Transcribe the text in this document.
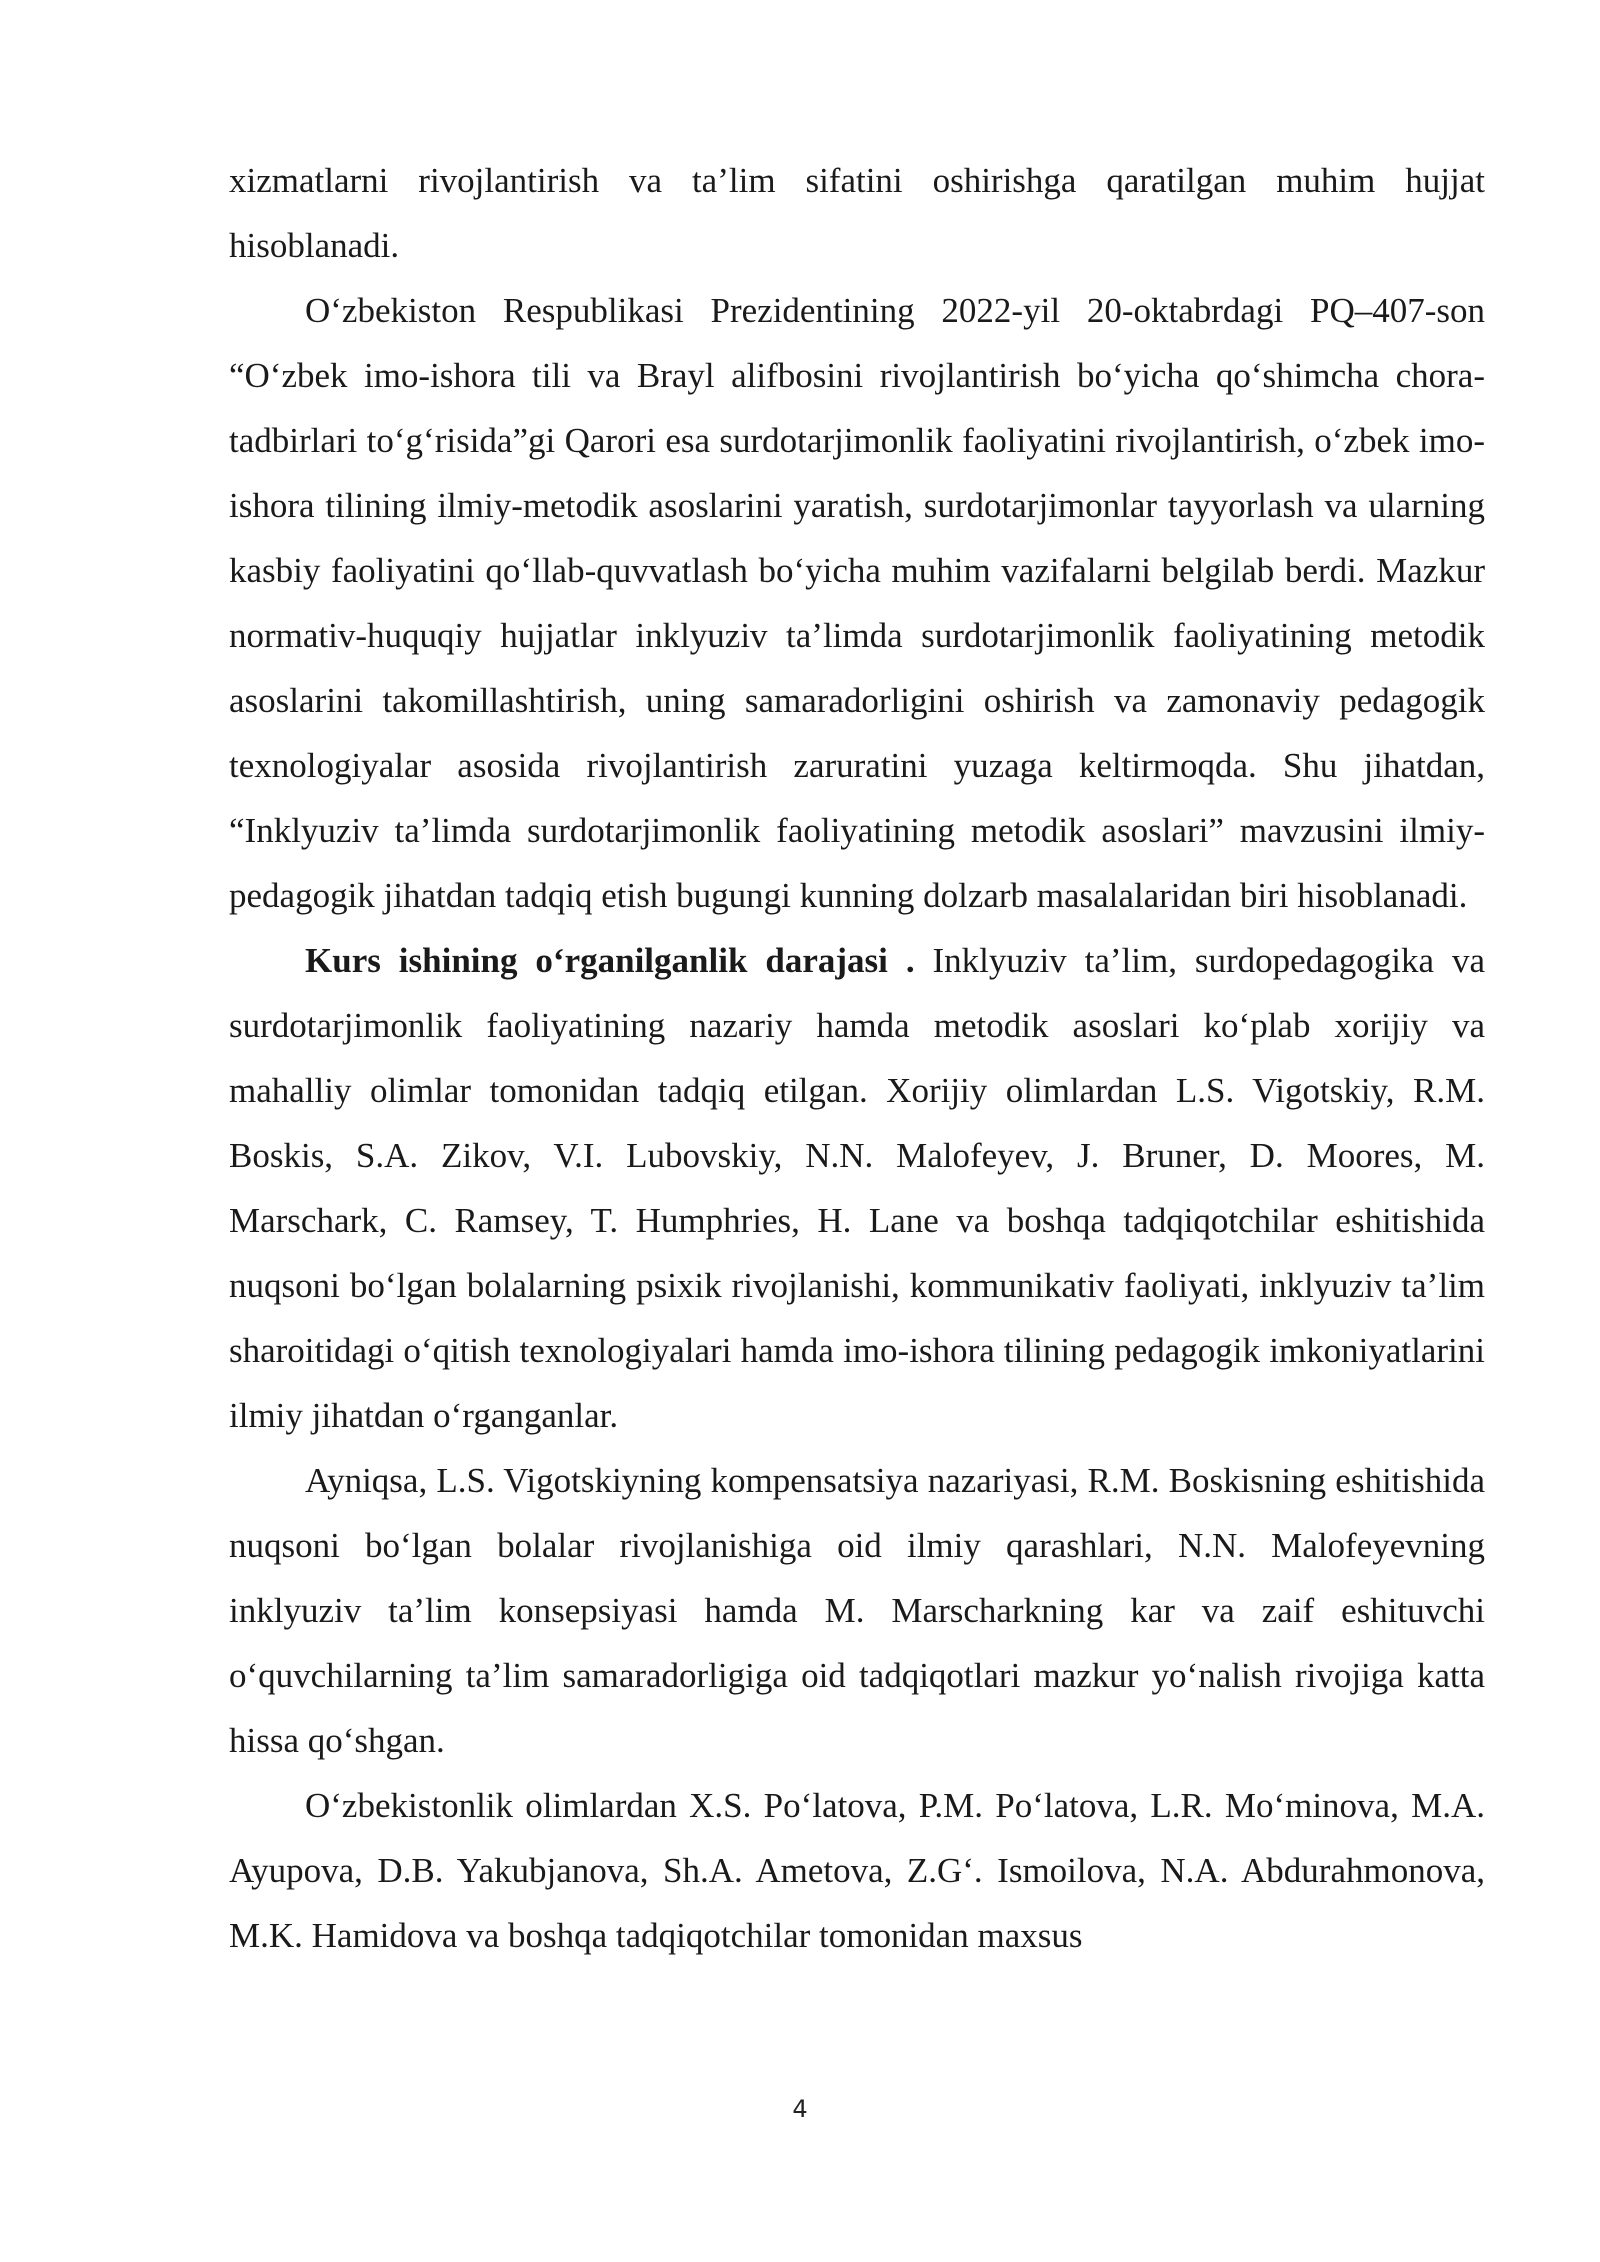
xizmatlarni rivojlantirish va ta’lim sifatini oshirishga qaratilgan muhim hujjat hisoblanadi.

O‘zbekiston Respublikasi Prezidentining 2022-yil 20-oktabrdagi PQ–407-son “O‘zbek imo-ishora tili va Brayl alifbosini rivojlantirish bo‘yicha qo‘shimcha chora-tadbirlari to‘g‘risida”gi Qarori esa surdotarjimonlik faoliyatini rivojlantirish, o‘zbek imo-ishora tilining ilmiy-metodik asoslarini yaratish, surdotarjimonlar tayyorlash va ularning kasbiy faoliyatini qo‘llab-quvvatlash bo‘yicha muhim vazifalarni belgilab berdi. Mazkur normativ-huquqiy hujjatlar inklyuziv ta’limda surdotarjimonlik faoliyatining metodik asoslarini takomillashtirish, uning samaradorligini oshirish va zamonaviy pedagogik texnologiyalar asosida rivojlantirish zaruratini yuzaga keltirmoqda. Shu jihatdan, “Inklyuziv ta’limda surdotarjimonlik faoliyatining metodik asoslari” mavzusini ilmiy-pedagogik jihatdan tadqiq etish bugungi kunning dolzarb masalalaridan biri hisoblanadi.

Kurs ishining o‘rganilganlik darajasi . Inklyuziv ta’lim, surdopedagogika va surdotarjimonlik faoliyatining nazariy hamda metodik asoslari ko‘plab xorijiy va mahalliy olimlar tomonidan tadqiq etilgan. Xorijiy olimlardan L.S. Vigotskiy, R.M. Boskis, S.A. Zikov, V.I. Lubovskiy, N.N. Malofeyev, J. Bruner, D. Moores, M. Marschark, C. Ramsey, T. Humphries, H. Lane va boshqa tadqiqotchilar eshitishida nuqsoni bo‘lgan bolalarning psixik rivojlanishi, kommunikativ faoliyati, inklyuziv ta’lim sharoitidagi o‘qitish texnologiyalari hamda imo-ishora tilining pedagogik imkoniyatlarini ilmiy jihatdan o‘rganganlar.

Ayniqsa, L.S. Vigotskiyning kompensatsiya nazariyasi, R.M. Boskisning eshitishida nuqsoni bo‘lgan bolalar rivojlanishiga oid ilmiy qarashlari, N.N. Malofeyevning inklyuziv ta’lim konsepsiyasi hamda M. Marscharkning kar va zaif eshituvchi o‘quvchilarning ta’lim samaradorligiga oid tadqiqotlari mazkur yo‘nalish rivojiga katta hissa qo‘shgan.

O‘zbekistonlik olimlardan X.S. Po‘latova, P.M. Po‘latova, L.R. Mo‘minova, M.A. Ayupova, D.B. Yakubjanova, Sh.A. Ametova, Z.G‘. Ismoilova, N.A. Abdurahmonova, M.K. Hamidova va boshqa tadqiqotchilar tomonidan maxsus

4
